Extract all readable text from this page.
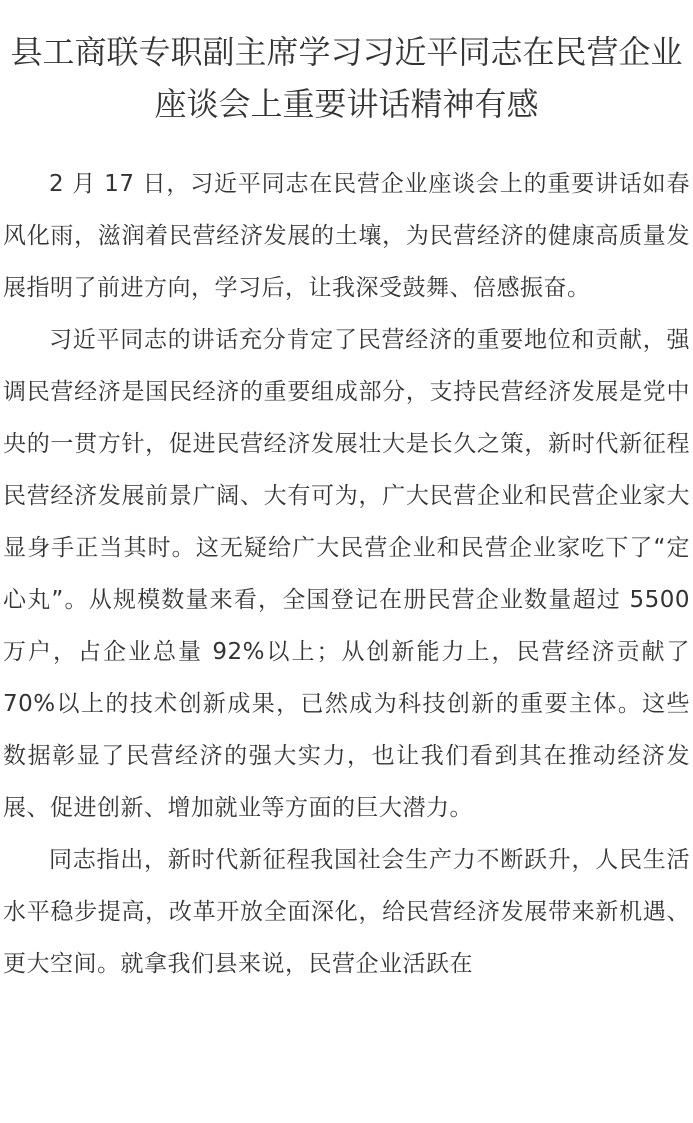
县工商联专职副主席学习习近平同志在民营企业座谈会上重要讲话精神有感

2 月 17 日，习近平同志在民营企业座谈会上的重要讲话如春风化雨，滋润着民营经济发展的土壤，为民营经济的健康高质量发展指明了前进方向，学习后，让我深受鼓舞、倍感振奋。

习近平同志的讲话充分肯定了民营经济的重要地位和贡献，强调民营经济是国民经济的重要组成部分，支持民营经济发展是党中央的一贯方针，促进民营经济发展壮大是长久之策，新时代新征程民营经济发展前景广阔、大有可为，广大民营企业和民营企业家大显身手正当其时。这无疑给广大民营企业和民营企业家吃下了“定心丸”。从规模数量来看，全国登记在册民营企业数量超过 5500 万户，占企业总量 92%以上；从创新能力上，民营经济贡献了 70%以上的技术创新成果，已然成为科技创新的重要主体。这些数据彰显了民营经济的强大实力，也让我们看到其在推动经济发展、促进创新、增加就业等方面的巨大潜力。

同志指出，新时代新征程我国社会生产力不断跃升，人民生活水平稳步提高，改革开放全面深化，给民营经济发展带来新机遇、更大空间。就拿我们县来说，民营企业活跃在
